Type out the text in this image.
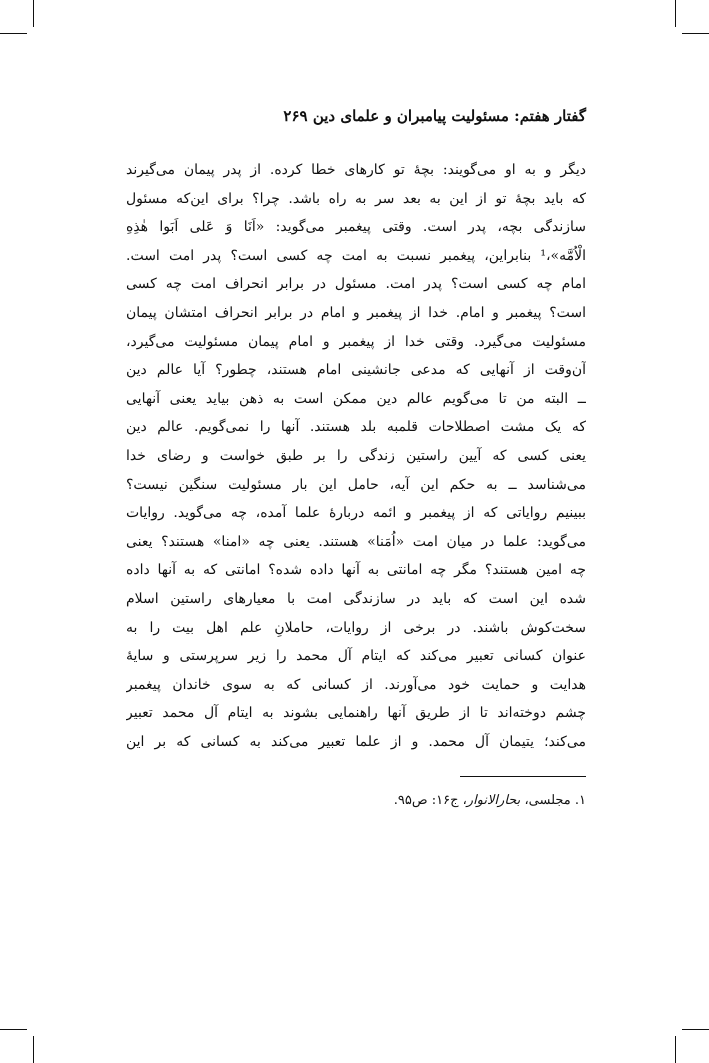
گفتار هفتم: مسئولیت پیامبران و علمای دین ۲۶۹
دیگر و به او می‌گویند: بچهٔ تو کارهای خطا کرده. از پدر پیمان می‌گیرند
که باید بچهٔ تو از این به بعد سر به راه باشد. چرا؟ برای این‌که مسئول
سازندگی بچه، پدر است. وقتی پیغمبر می‌گوید: «اَنَا وَ عَلی اَبَوا هٰذِهِ
الْاُمَّه»،¹ بنابراین، پیغمبر نسبت به امت چه کسی است؟ پدر امت است.
امام چه کسی است؟ پدر امت. مسئول در برابر انحراف امت چه کسی
است؟ پیغمبر و امام. خدا از پیغمبر و امام در برابر انحراف امتشان پیمان
مسئولیت می‌گیرد. وقتی خدا از پیغمبر و امام پیمان مسئولیت می‌گیرد،
آن‌وقت از آنهایی که مدعی جانشینی امام هستند، چطور؟ آیا عالم دین
ــ البته من تا می‌گویم عالم دین ممکن است به ذهن بیاید یعنی آنهایی
که یک مشت اصطلاحات قلمبه بلد هستند. آنها را نمی‌گویم. عالم دین
یعنی کسی که آیین راستین زندگی را بر طبق خواست و رضای خدا
می‌شناسد ــ به حکم این آیه، حامل این بار مسئولیت سنگین نیست؟
ببینیم روایاتی که از پیغمبر و ائمه دربارهٔ علما آمده، چه می‌گوید. روایات
می‌گوید: علما در میان امت «اُمَنا» هستند. یعنی چه «امنا» هستند؟ یعنی
چه امین هستند؟ مگر چه امانتی به آنها داده شده؟ امانتی که به آنها داده
شده این است که باید در سازندگی امت با معیارهای راستین اسلام
سخت‌کوش باشند. در برخی از روایات، حاملانِ علم اهل بیت را به
عنوان کسانی تعبیر می‌کند که ایتام آل محمد را زیر سرپرستی و سایهٔ
هدایت و حمایت خود می‌آورند. از کسانی که به سوی خاندان پیغمبر
چشم دوخته‌اند تا از طریق آنها راهنمایی بشوند به ایتام آل محمد تعبیر
می‌کند؛ یتیمان آل محمد. و از علما تعبیر می‌کند به کسانی که بر این
۱. مجلسی، بحارالانوار، ج۱۶: ص۹۵.
